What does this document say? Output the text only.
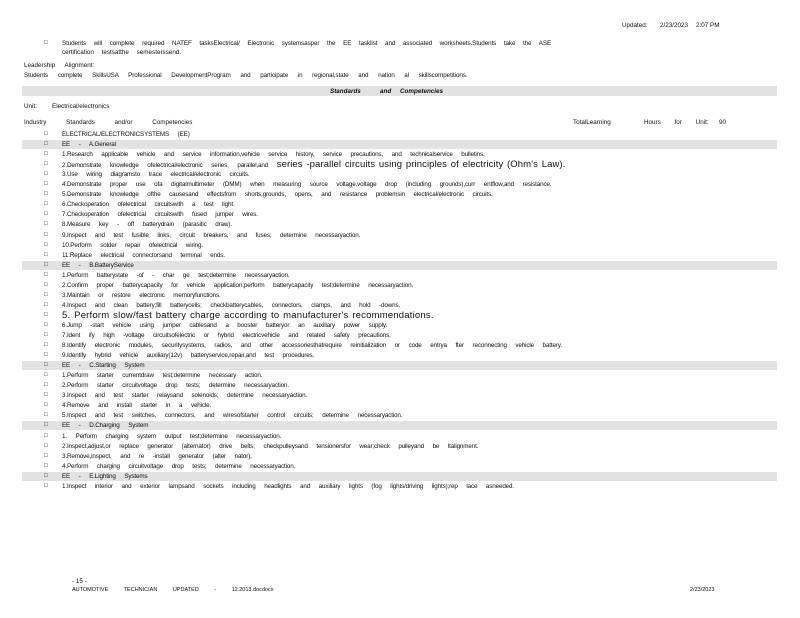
Updated: 2/23/2023 2:07 PM
□ Students will complete required NATEF tasksElectrical/ Electronic systemsasper the EE tasklist and associated worksheets.Students take the ASE
certification testsatthe semesterssend.
Leadership Alignment:
Students complete SkillsUSA Professional DevelopmentProgram and participate in regional,state and nation al skillscompetitions.
Standards	and Competencies
Unit: Electrical/electronics
Industry Standards and/or Competencies	TotalLearning	Hours for Unit: 90
□ ELECTRICAL/ELECTRONICSYSTEMS (EE)
□ EE - A.General
□ 1.Research applicable vehicle and service information,vehicle service history, service precautions, and technicalservice bulletins.
□ 2.Demonstrate knowledge ofelectrical/electronic series, parallel,and series -parallel circuits using principles of electricity (Ohm's Law).
□ 3.Use wiring diagramsto trace electrical/electronic circuits.
□ 4.Demonstrate proper use ofa digitalmultimeter (DMM) when measuring source voltage,voltage drop (including grounds),curr entflow,and resistance.
□ 5.Demonstrate knowledge ofthe causesand effectsfrom shorts,grounds, opens, and resistance problemsin electrical/electronic circuits.
□ 6.Checkoperation ofelectrical circuitswith a test light.
□ 7.Checkoperation ofelectrical circuitswith fused jumper wires.
□ 8.Measure key - off batterydrain (parasitic draw).
□ 9.Inspect and test fusible links, circuit breakers, and fuses; determine necessaryaction.
□ 10.Perform solder repair ofelectrical wiring.
□ 11.Replace electrical connectorsand terminal ends.
□ EE - B.BatteryService
□ 1.Perform batterystate -of - char ge test;determine necessaryaction.
□ 2.Confirm proper batterycapacity for vehicle application;perform batterycapacity test;determine necessaryaction.
□ 3.Maintain or restore electronic memoryfunctions.
□ 4.Inspect and clean battery;fill batterycells; checkbatterycables, connectors, clamps, and hold -downs.
□ 5. Perform slow/fast battery charge according to manufacturer's recommendations.
□ 6.Jump -start vehicle using jumper cablesand a booster batteryor an auxiliary power supply.
□ 7.Ident ify high -voltage circuitsofelectric or hybrid electricvehicle and related safety precautions.
□ 8.Identify electronic modules, securitysystems, radios, and other accessoriesthatrequire reinitialization or code entrya fter reconnecting vehicle battery.
□ 9.Identify hybrid vehicle auxiliary(12v) batteryservice,repair,and test procedures.
□ EE - C.Starting System
□ 1.Perform starter currentdraw test;determine necessary action.
□ 2.Perform starter circuitvoltage drop tests; determine necessaryaction.
□ 3.Inspect and test starter relaysand solenoids; determine necessaryaction.
□ 4.Remove and install starter in a vehicle.
□ 5.Inspect and test switches, connectors, and wiresofstarter control circuits; determine necessaryaction.
□ EE - D.Charging System
□ 1. Perform charging system output test;determine necessaryaction.
□ 2.Inspect,adjust,or replace generator (alternator) drive belts; checkpulleysand tensionersfor wear;check pulleyand be ltalignment.
□ 3.Remove,inspect, and re -install generator (alter nator).
□ 4.Perform charging circuitvoltage drop tests; determine necessaryaction.
□ EE - E.Lighting Systems
□ 1.Inspect interior and exterior lampsand sockets including headlights and auxiliary lights (fog lights/driving lights);rep lace asneeded.
- 15 -
AUTOMOTIVE TECHNICIAN UPDATED - 12.2013.docdocx	2/23/2023
